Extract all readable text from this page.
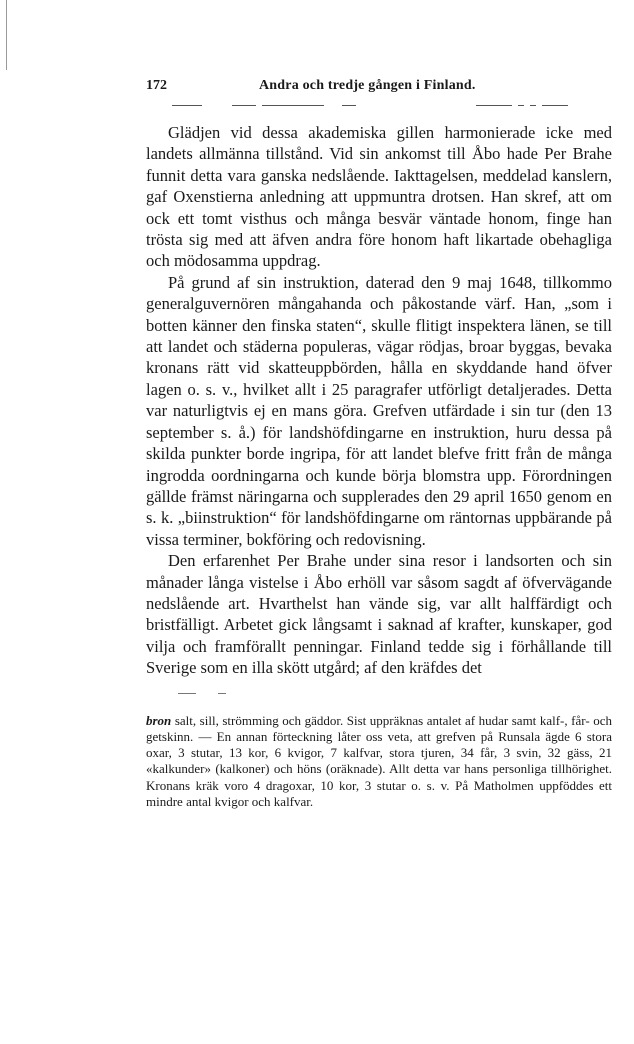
172	Andra och tredje gången i Finland.

Glädjen vid dessa akademiska gillen harmonierade icke med landets allmänna tillstånd. Vid sin ankomst till Åbo hade Per Brahe funnit detta vara ganska nedslående. Iakttagelsen, meddelad kanslern, gaf Oxenstierna anledning att uppmuntra drotsen. Han skref, att om ock ett tomt visthus och många besvär väntade honom, finge han trösta sig med att äfven andra före honom haft likartade obehagliga och mödosamma uppdrag.

På grund af sin instruktion, daterad den 9 maj 1648, tillkommo generalguvernören mångahanda och påkostande värf. Han, „som i botten känner den finska staten“, skulle flitigt inspektera länen, se till att landet och städerna populeras, vägar rödjas, broar byggas, bevaka kronans rätt vid skatteuppbörden, hålla en skyddande hand öfver lagen o. s. v., hvilket allt i 25 paragrafer utförligt detaljerades. Detta var naturligtvis ej en mans göra. Grefven utfärdade i sin tur (den 13 september s. å.) för landshöfdingarne en instruktion, huru dessa på skilda punkter borde ingripa, för att landet blefve fritt från de många ingrodda oordningarna och kunde börja blomstra upp. Förordningen gällde främst näringarna och supplerades den 29 april 1650 genom en s. k. „biinstruktion“ för landshöfdingarne om räntornas uppbärande på vissa terminer, bokföring och redovisning.

Den erfarenhet Per Brahe under sina resor i landsorten och sin månader långa vistelse i Åbo erhöll var såsom sagdt af öfvervägande nedslående art. Hvarthelst han vände sig, var allt halffärdigt och bristfälligt. Arbetet gick långsamt i saknad af krafter, kunskaper, god vilja och framförallt penningar. Finland tedde sig i förhållande till Sverige som en illa skött utgård; af den kräfdes det

bron salt, sill, strömming och gäddor. Sist uppräknas antalet af hudar samt kalf-, får- och getskinn. — En annan förteckning låter oss veta, att grefven på Runsala ägde 6 stora oxar, 3 stutar, 13 kor, 6 kvigor, 7 kalfvar, stora tjuren, 34 får, 3 svin, 32 gäss, 21 «kalkunder» (kalkoner) och höns (oräknade). Allt detta var hans personliga tillhörighet. Kronans kräk voro 4 dragoxar, 10 kor, 3 stutar o. s. v. På Matholmen uppföddes ett mindre antal kvigor och kalfvar.
